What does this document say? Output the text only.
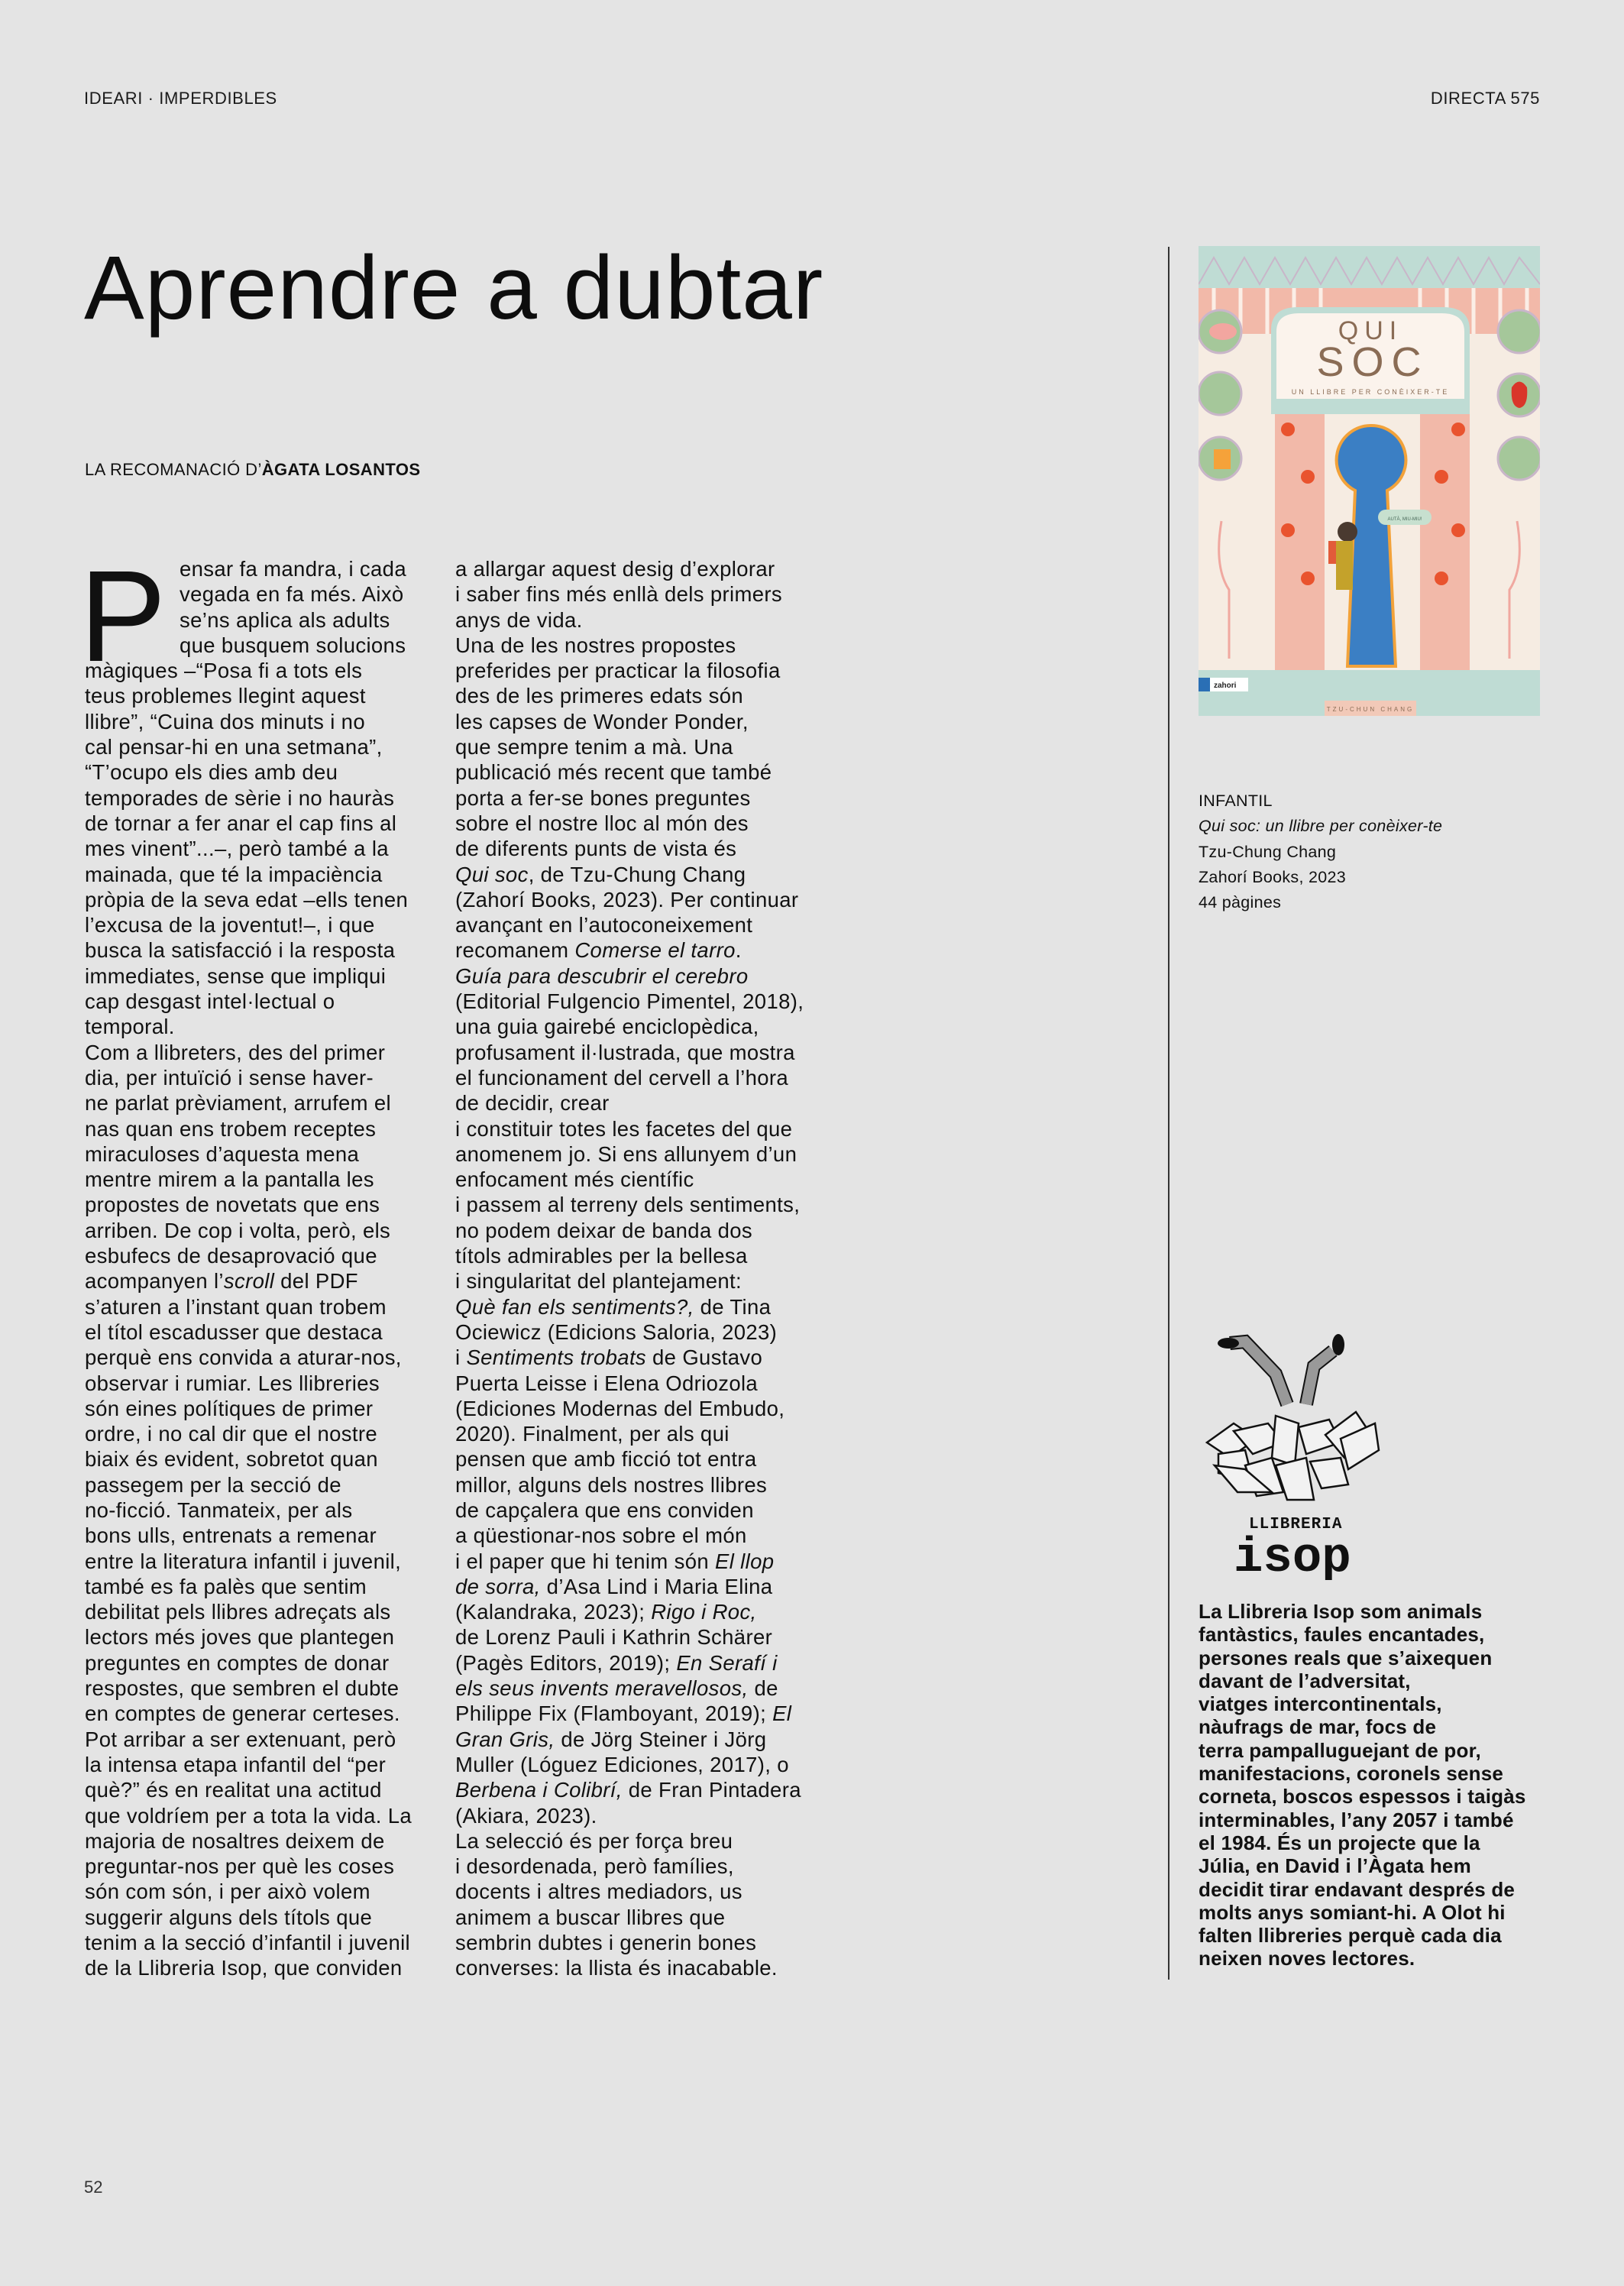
IDEARI · IMPERDIBLES	DIRECTA 575
Aprendre a dubtar
LA RECOMANACIÓ D’ÀGATA LOSANTOS
P ensar fa mandra, i cada
vegada en fa més. Això
se’ns aplica als adults
que busquem solucions
màgiques –“Posa fi a tots els
teus problemes llegint aquest
llibre”, “Cuina dos minuts i no
cal pensar-hi en una setmana”,
“T’ocupo els dies amb deu
temporades de sèrie i no hauràs
de tornar a fer anar el cap fins al
mes vinent”...–, però també a la
mainada, que té la impaciència
pròpia de la seva edat –ells tenen
l’excusa de la joventut!–, i que
busca la satisfacció i la resposta
immediates, sense que impliqui
cap desgast intel·lectual o
temporal.
Com a llibreters, des del primer
dia, per intuïció i sense haver-
ne parlat prèviament, arrufem el
nas quan ens trobem receptes
miraculoses d’aquesta mena
mentre mirem a la pantalla les
propostes de novetats que ens
arriben. De cop i volta, però, els
esbufecs de desaprovació que
acompanyen l’scroll del PDF
s’aturen a l’instant quan trobem
el títol escadusser que destaca
perquè ens convida a aturar-nos,
observar i rumiar. Les llibreries
són eines polítiques de primer
ordre, i no cal dir que el nostre
biaix és evident, sobretot quan
passegem per la secció de
no-ficció. Tanmateix, per als
bons ulls, entrenats a remenar
entre la literatura infantil i juvenil,
també es fa palès que sentim
debilitat pels llibres adreçats als
lectors més joves que plantegen
preguntes en comptes de donar
respostes, que sembren el dubte
en comptes de generar certeses.
Pot arribar a ser extenuant, però
la intensa etapa infantil del “per
què?” és en realitat una actitud
que voldríem per a tota la vida. La
majoria de nosaltres deixem de
preguntar-nos per què les coses
són com són, i per això volem
suggerir alguns dels títols que
tenim a la secció d’infantil i juvenil
de la Llibreria Isop, que conviden
a allargar aquest desig d’explorar
i saber fins més enllà dels primers
anys de vida.
Una de les nostres propostes
preferides per practicar la filosofia
des de les primeres edats són
les capses de Wonder Ponder,
que sempre tenim a mà. Una
publicació més recent que també
porta a fer-se bones preguntes
sobre el nostre lloc al món des
de diferents punts de vista és
Qui soc, de Tzu-Chung Chang
(Zahorí Books, 2023). Per continuar
avançant en l’autoconeixement
recomanem Comerse el tarro.
Guía para descubrir el cerebro
(Editorial Fulgencio Pimentel, 2018),
una guia gairebé enciclopèdica,
profusament il·lustrada, que mostra
el funcionament del cervell a l’hora
de decidir, crear
i constituir totes les facetes del que
anomenem jo. Si ens allunyem d’un
enfocament més científic
i passem al terreny dels sentiments,
no podem deixar de banda dos
títols admirables per la bellesa
i singularitat del plantejament:
Què fan els sentiments?, de Tina
Ociewicz (Edicions Saloria, 2023)
i Sentiments trobats de Gustavo
Puerta Leisse i Elena Odriozola
(Ediciones Modernas del Embudo,
2020). Finalment, per als qui
pensen que amb ficció tot entra
millor, alguns dels nostres llibres
de capçalera que ens conviden
a qüestionar-nos sobre el món
i el paper que hi tenim són El llop
de sorra, d’Asa Lind i Maria Elina
(Kalandraka, 2023); Rigo i Roc,
de Lorenz Pauli i Kathrin Schärer
(Pagès Editors, 2019); En Serafí i
els seus invents meravellosos, de
Philippe Fix (Flamboyant, 2019); El
Gran Gris, de Jörg Steiner i Jörg
Muller (Lóguez Ediciones, 2017), o
Berbena i Colibrí, de Fran Pintadera
(Akiara, 2023).
La selecció és per força breu
i desordenada, però famílies,
docents i altres mediadors, us
animem a buscar llibres que
sembrin dubtes i generin bones
converses: la llista és inacabable.
QUI
SOC
UN LLIBRE PER CONÈIXER-TE
AUTÀ, MIU-MIU!
TZU-CHUN CHANG
zahori
INFANTIL
Qui soc: un llibre per conèixer-te
Tzu-Chung Chang
Zahorí Books, 2023
44 pàgines
LLIBRERIA
isop
La Llibreria Isop som animals
fantàstics, faules encantades,
persones reals que s’aixequen
davant de l’adversitat,
viatges intercontinentals,
nàufrags de mar, focs de
terra pampalluguejant de por,
manifestacions, coronels sense
corneta, boscos espessos i taigàs
interminables, l’any 2057 i també
el 1984. És un projecte que la
Júlia, en David i l’Àgata hem
decidit tirar endavant després de
molts anys somiant-hi. A Olot hi
falten llibreries perquè cada dia
neixen noves lectores.
52
